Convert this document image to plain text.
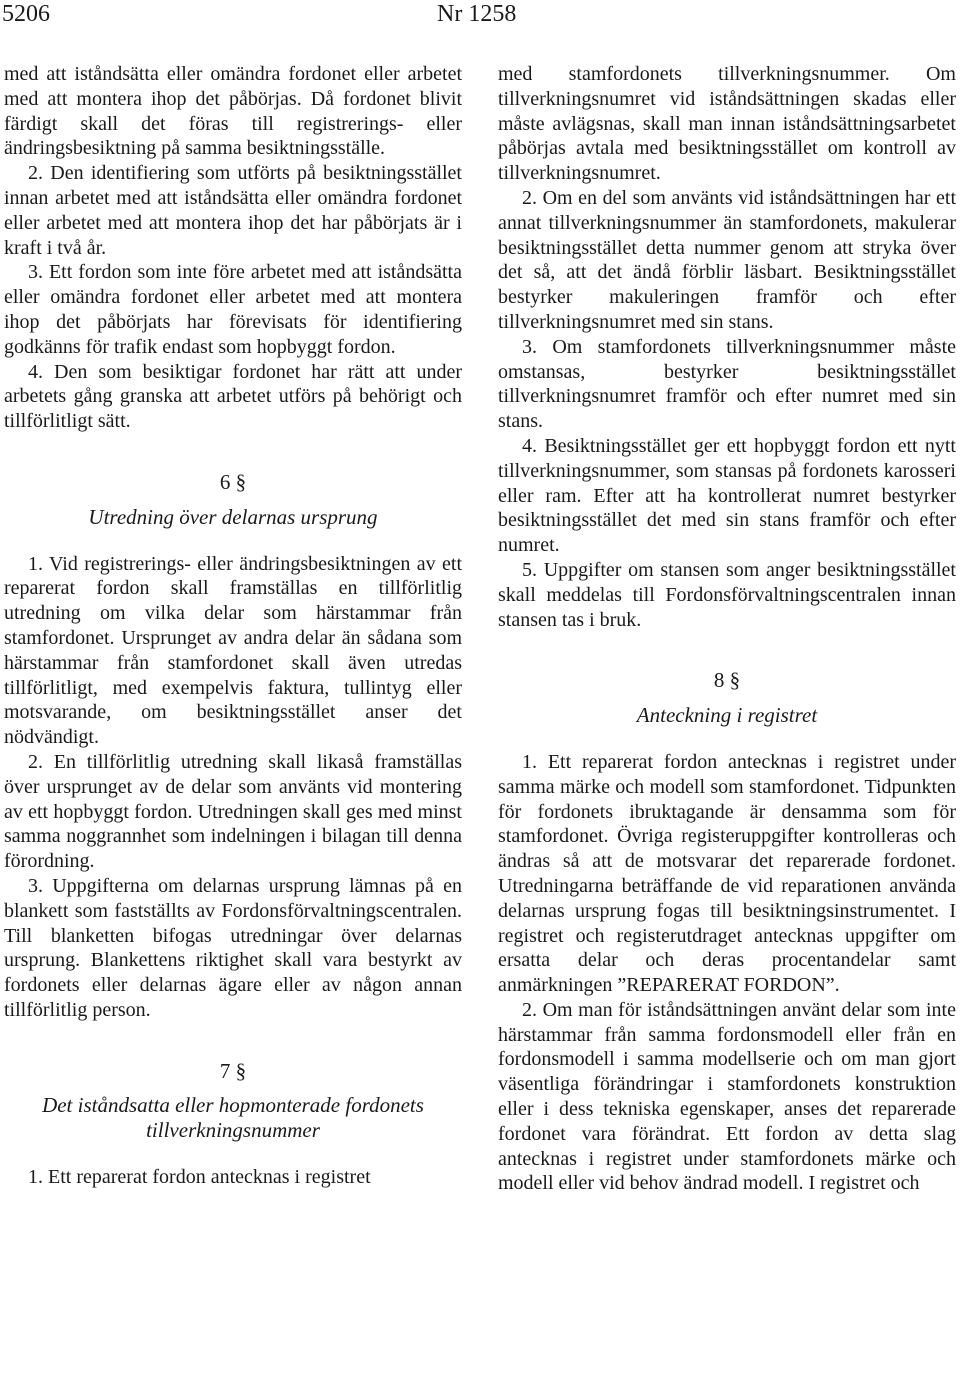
5206	Nr 1258

med att iståndsätta eller omändra fordonet eller arbetet med att montera ihop det påbörjas. Då fordonet blivit färdigt skall det föras till registrerings- eller ändringsbesiktning på samma besiktningsställe.

2. Den identifiering som utförts på besiktningsstället innan arbetet med att iståndsätta eller omändra fordonet eller arbetet med att montera ihop det har påbörjats är i kraft i två år.

3. Ett fordon som inte före arbetet med att iståndsätta eller omändra fordonet eller arbetet med att montera ihop det påbörjats har förevisats för identifiering godkänns för trafik endast som hopbyggt fordon.

4. Den som besiktigar fordonet har rätt att under arbetets gång granska att arbetet utförs på behörigt och tillförlitligt sätt.

6 §
Utredning över delarnas ursprung

1. Vid registrerings- eller ändringsbesiktningen av ett reparerat fordon skall framställas en tillförlitlig utredning om vilka delar som härstammar från stamfordonet. Ursprunget av andra delar än sådana som härstammar från stamfordonet skall även utredas tillförlitligt, med exempelvis faktura, tullintyg eller motsvarande, om besiktningsstället anser det nödvändigt.

2. En tillförlitlig utredning skall likaså framställas över ursprunget av de delar som använts vid montering av ett hopbyggt fordon. Utredningen skall ges med minst samma noggrannhet som indelningen i bilagan till denna förordning.

3. Uppgifterna om delarnas ursprung lämnas på en blankett som fastställts av Fordonsförvaltningscentralen. Till blanketten bifogas utredningar över delarnas ursprung. Blankettens riktighet skall vara bestyrkt av fordonets eller delarnas ägare eller av någon annan tillförlitlig person.

7 §
Det iståndsatta eller hopmonterade fordonets tillverkningsnummer

1. Ett reparerat fordon antecknas i registret

med stamfordonets tillverkningsnummer. Om tillverkningsnumret vid iståndsättningen skadas eller måste avlägsnas, skall man innan iståndsättningsarbetet påbörjas avtala med besiktningsstället om kontroll av tillverkningsnumret.

2. Om en del som använts vid iståndsättningen har ett annat tillverkningsnummer än stamfordonets, makulerar besiktningsstället detta nummer genom att stryka över det så, att det ändå förblir läsbart. Besiktningsstället bestyrker makuleringen framför och efter tillverkningsnumret med sin stans.

3. Om stamfordonets tillverkningsnummer måste omstansas, bestyrker besiktningsstället tillverkningsnumret framför och efter numret med sin stans.

4. Besiktningsstället ger ett hopbyggt fordon ett nytt tillverkningsnummer, som stansas på fordonets karosseri eller ram. Efter att ha kontrollerat numret bestyrker besiktningsstället det med sin stans framför och efter numret.

5. Uppgifter om stansen som anger besiktningsstället skall meddelas till Fordonsförvaltningscentralen innan stansen tas i bruk.

8 §
Anteckning i registret

1. Ett reparerat fordon antecknas i registret under samma märke och modell som stamfordonet. Tidpunkten för fordonets ibruktagande är densamma som för stamfordonet. Övriga registeruppgifter kontrolleras och ändras så att de motsvarar det reparerade fordonet. Utredningarna beträffande de vid reparationen använda delarnas ursprung fogas till besiktningsinstrumentet. I registret och registerutdraget antecknas uppgifter om ersatta delar och deras procentandelar samt anmärkningen ”REPARERAT FORDON”.

2. Om man för iståndsättningen använt delar som inte härstammar från samma fordonsmodell eller från en fordonsmodell i samma modellserie och om man gjort väsentliga förändringar i stamfordonets konstruktion eller i dess tekniska egenskaper, anses det reparerade fordonet vara förändrat. Ett fordon av detta slag antecknas i registret under stamfordonets märke och modell eller vid behov ändrad modell. I registret och
